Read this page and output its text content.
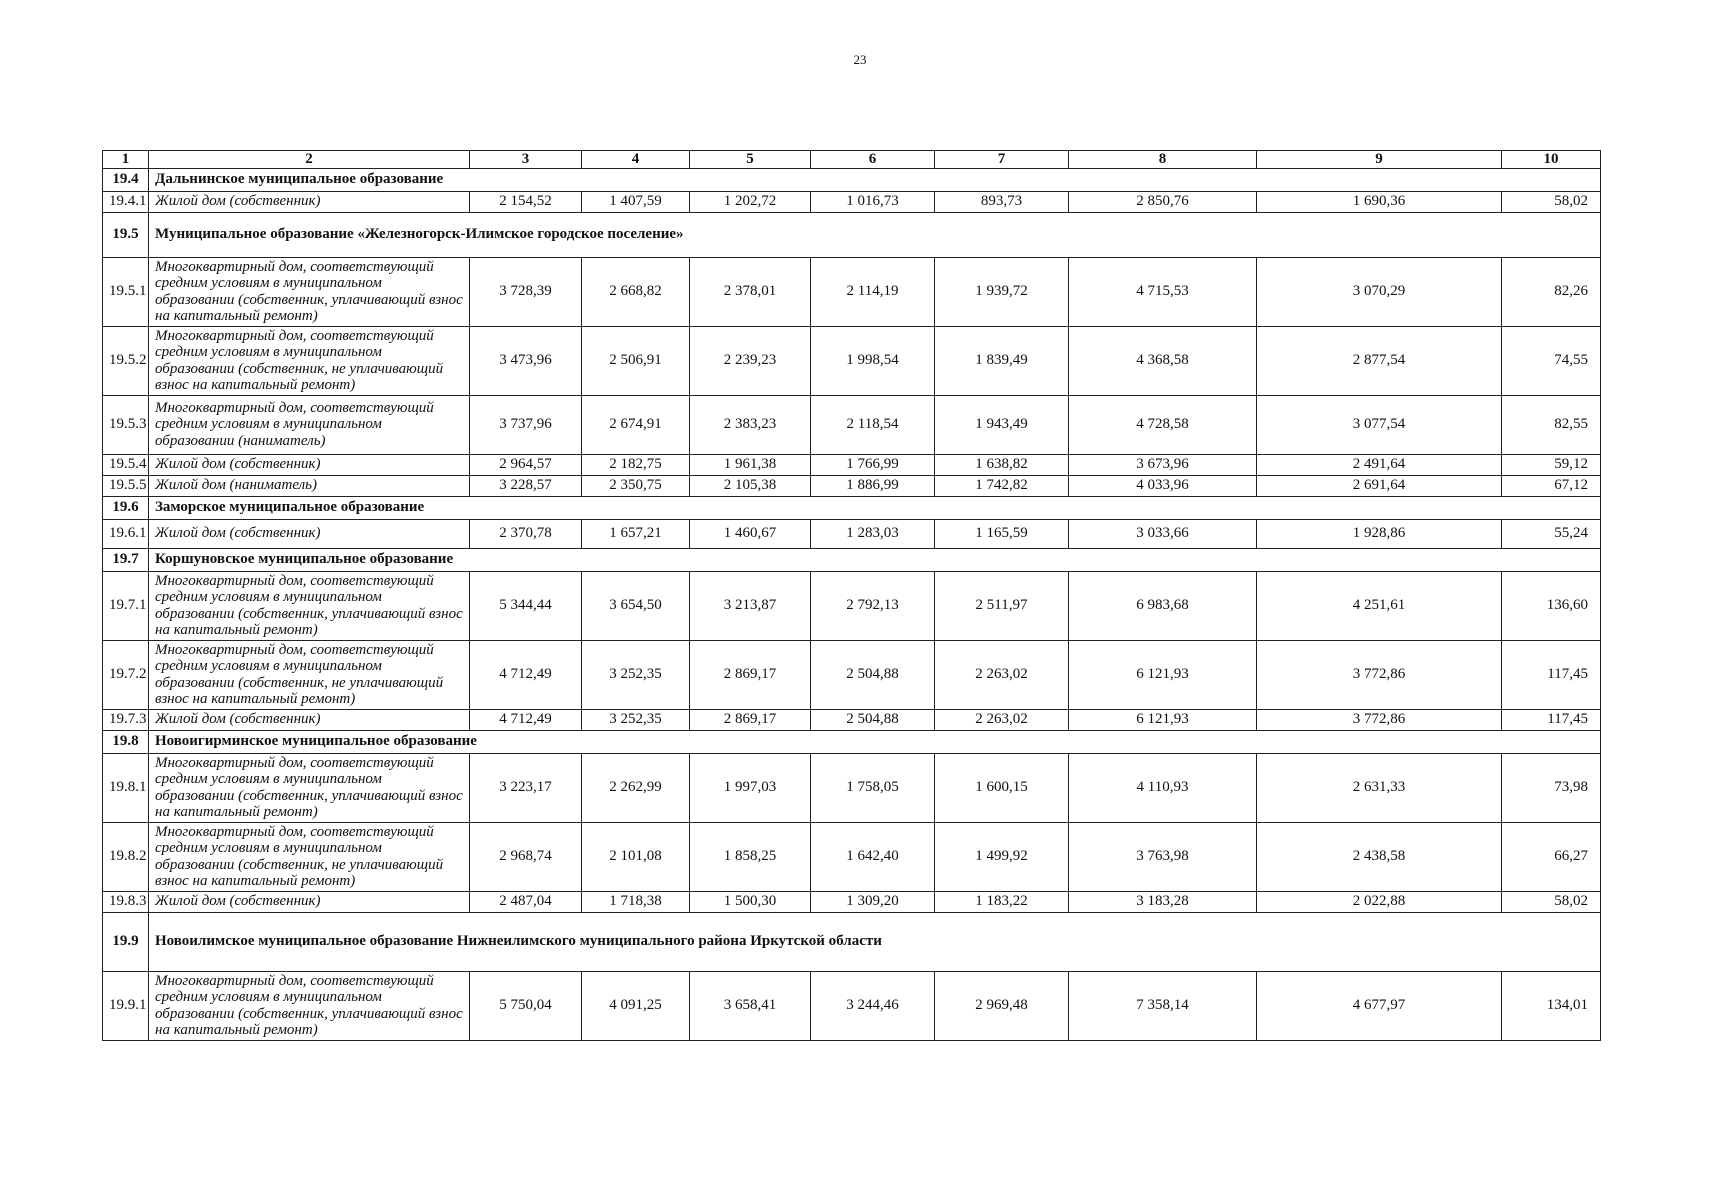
23
1	2	3	4	5	6	7	8	9	10
19.4	Дальнинское муниципальное образование								
19.4.1	Жилой дом (собственник)	2 154,52	1 407,59	1 202,72	1 016,73	893,73	2 850,76	1 690,36	58,02
19.5	Муниципальное образование «Железногорск-Илимское городское поселение»								
19.5.1	Многоквартирный дом, соответствующий средним условиям в муниципальном образовании (собственник, уплачивающий взнос на капитальный ремонт)	3 728,39	2 668,82	2 378,01	2 114,19	1 939,72	4 715,53	3 070,29	82,26
19.5.2	Многоквартирный дом, соответствующий средним условиям в муниципальном образовании (собственник, не уплачивающий взнос на капитальный ремонт)	3 473,96	2 506,91	2 239,23	1 998,54	1 839,49	4 368,58	2 877,54	74,55
19.5.3	Многоквартирный дом, соответствующий средним условиям в муниципальном образовании (наниматель)	3 737,96	2 674,91	2 383,23	2 118,54	1 943,49	4 728,58	3 077,54	82,55
19.5.4	Жилой дом (собственник)	2 964,57	2 182,75	1 961,38	1 766,99	1 638,82	3 673,96	2 491,64	59,12
19.5.5	Жилой дом (наниматель)	3 228,57	2 350,75	2 105,38	1 886,99	1 742,82	4 033,96	2 691,64	67,12
19.6	Заморское муниципальное образование								
19.6.1	Жилой дом (собственник)	2 370,78	1 657,21	1 460,67	1 283,03	1 165,59	3 033,66	1 928,86	55,24
19.7	Коршуновское муниципальное образование								
19.7.1	Многоквартирный дом, соответствующий средним условиям в муниципальном образовании (собственник, уплачивающий взнос на капитальный ремонт)	5 344,44	3 654,50	3 213,87	2 792,13	2 511,97	6 983,68	4 251,61	136,60
19.7.2	Многоквартирный дом, соответствующий средним условиям в муниципальном образовании (собственник, не уплачивающий взнос на капитальный ремонт)	4 712,49	3 252,35	2 869,17	2 504,88	2 263,02	6 121,93	3 772,86	117,45
19.7.3	Жилой дом (собственник)	4 712,49	3 252,35	2 869,17	2 504,88	2 263,02	6 121,93	3 772,86	117,45
19.8	Новоигирминское муниципальное образование								
19.8.1	Многоквартирный дом, соответствующий средним условиям в муниципальном образовании (собственник, уплачивающий взнос на капитальный ремонт)	3 223,17	2 262,99	1 997,03	1 758,05	1 600,15	4 110,93	2 631,33	73,98
19.8.2	Многоквартирный дом, соответствующий средним условиям в муниципальном образовании (собственник, не уплачивающий взнос на капитальный ремонт)	2 968,74	2 101,08	1 858,25	1 642,40	1 499,92	3 763,98	2 438,58	66,27
19.8.3	Жилой дом (собственник)	2 487,04	1 718,38	1 500,30	1 309,20	1 183,22	3 183,28	2 022,88	58,02
19.9	Новоилимское муниципальное образование Нижнеилимского муниципального района Иркутской области								
19.9.1	Многоквартирный дом, соответствующий средним условиям в муниципальном образовании (собственник, уплачивающий взнос на капитальный ремонт)	5 750,04	4 091,25	3 658,41	3 244,46	2 969,48	7 358,14	4 677,97	134,01
